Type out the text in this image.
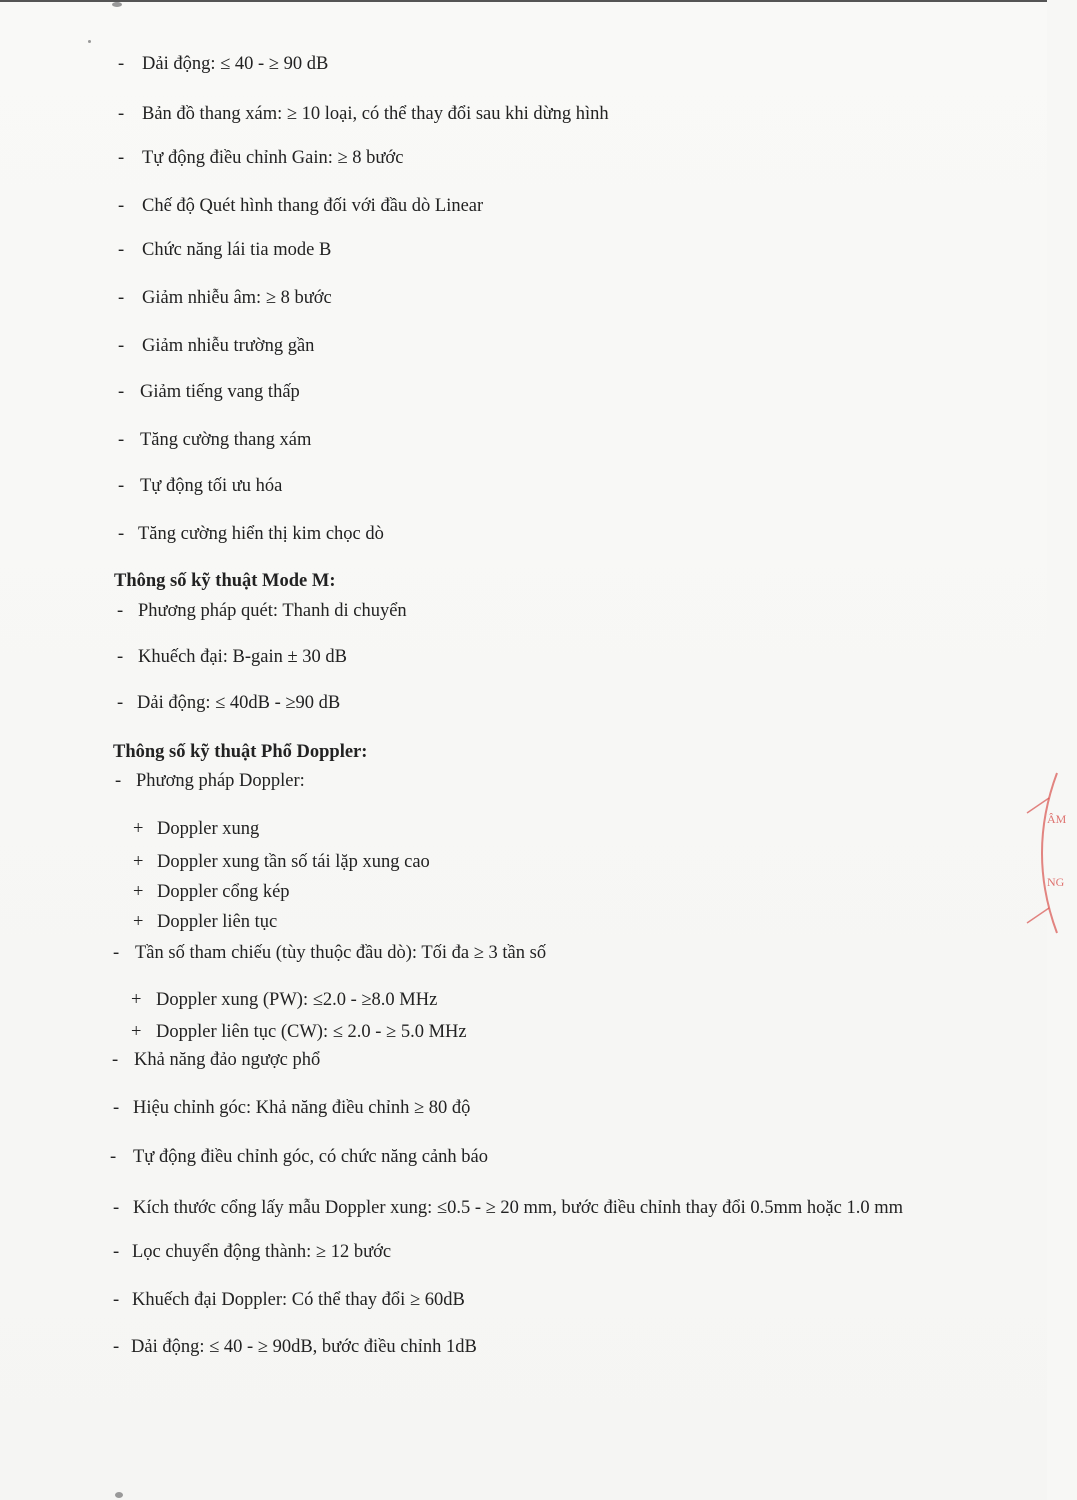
ÂM
NG
- Dải động: ≤ 40 - ≥ 90 dB
- Bản đồ thang xám: ≥ 10 loại, có thể thay đổi sau khi dừng hình
- Tự động điều chỉnh Gain: ≥ 8 bước
- Chế độ Quét hình thang đối với đầu dò Linear
- Chức năng lái tia mode B
- Giảm nhiễu âm: ≥ 8 bước
- Giảm nhiễu trường gần
- Giảm tiếng vang thấp
- Tăng cường thang xám
- Tự động tối ưu hóa
- Tăng cường hiển thị kim chọc dò
Thông số kỹ thuật Mode M:
- Phương pháp quét: Thanh di chuyển
- Khuếch đại: B-gain ± 30 dB
- Dải động: ≤ 40dB - ≥90 dB
Thông số kỹ thuật Phổ Doppler:
- Phương pháp Doppler:
+ Doppler xung
+ Doppler xung tần số tái lặp xung cao
+ Doppler cổng kép
+ Doppler liên tục
- Tần số tham chiếu (tùy thuộc đầu dò): Tối đa ≥ 3 tần số
+ Doppler xung (PW): ≤2.0 - ≥8.0 MHz
+ Doppler liên tục (CW): ≤ 2.0 - ≥ 5.0 MHz
- Khả năng đảo ngược phổ
- Hiệu chỉnh góc: Khả năng điều chỉnh ≥ 80 độ
- Tự động điều chỉnh góc, có chức năng cảnh báo
- Kích thước cổng lấy mẫu Doppler xung: ≤0.5 - ≥ 20 mm, bước điều chỉnh thay đổi 0.5mm hoặc 1.0 mm
- Lọc chuyển động thành: ≥ 12 bước
- Khuếch đại Doppler: Có thể thay đổi ≥ 60dB
- Dải động: ≤ 40 - ≥ 90dB, bước điều chỉnh 1dB
